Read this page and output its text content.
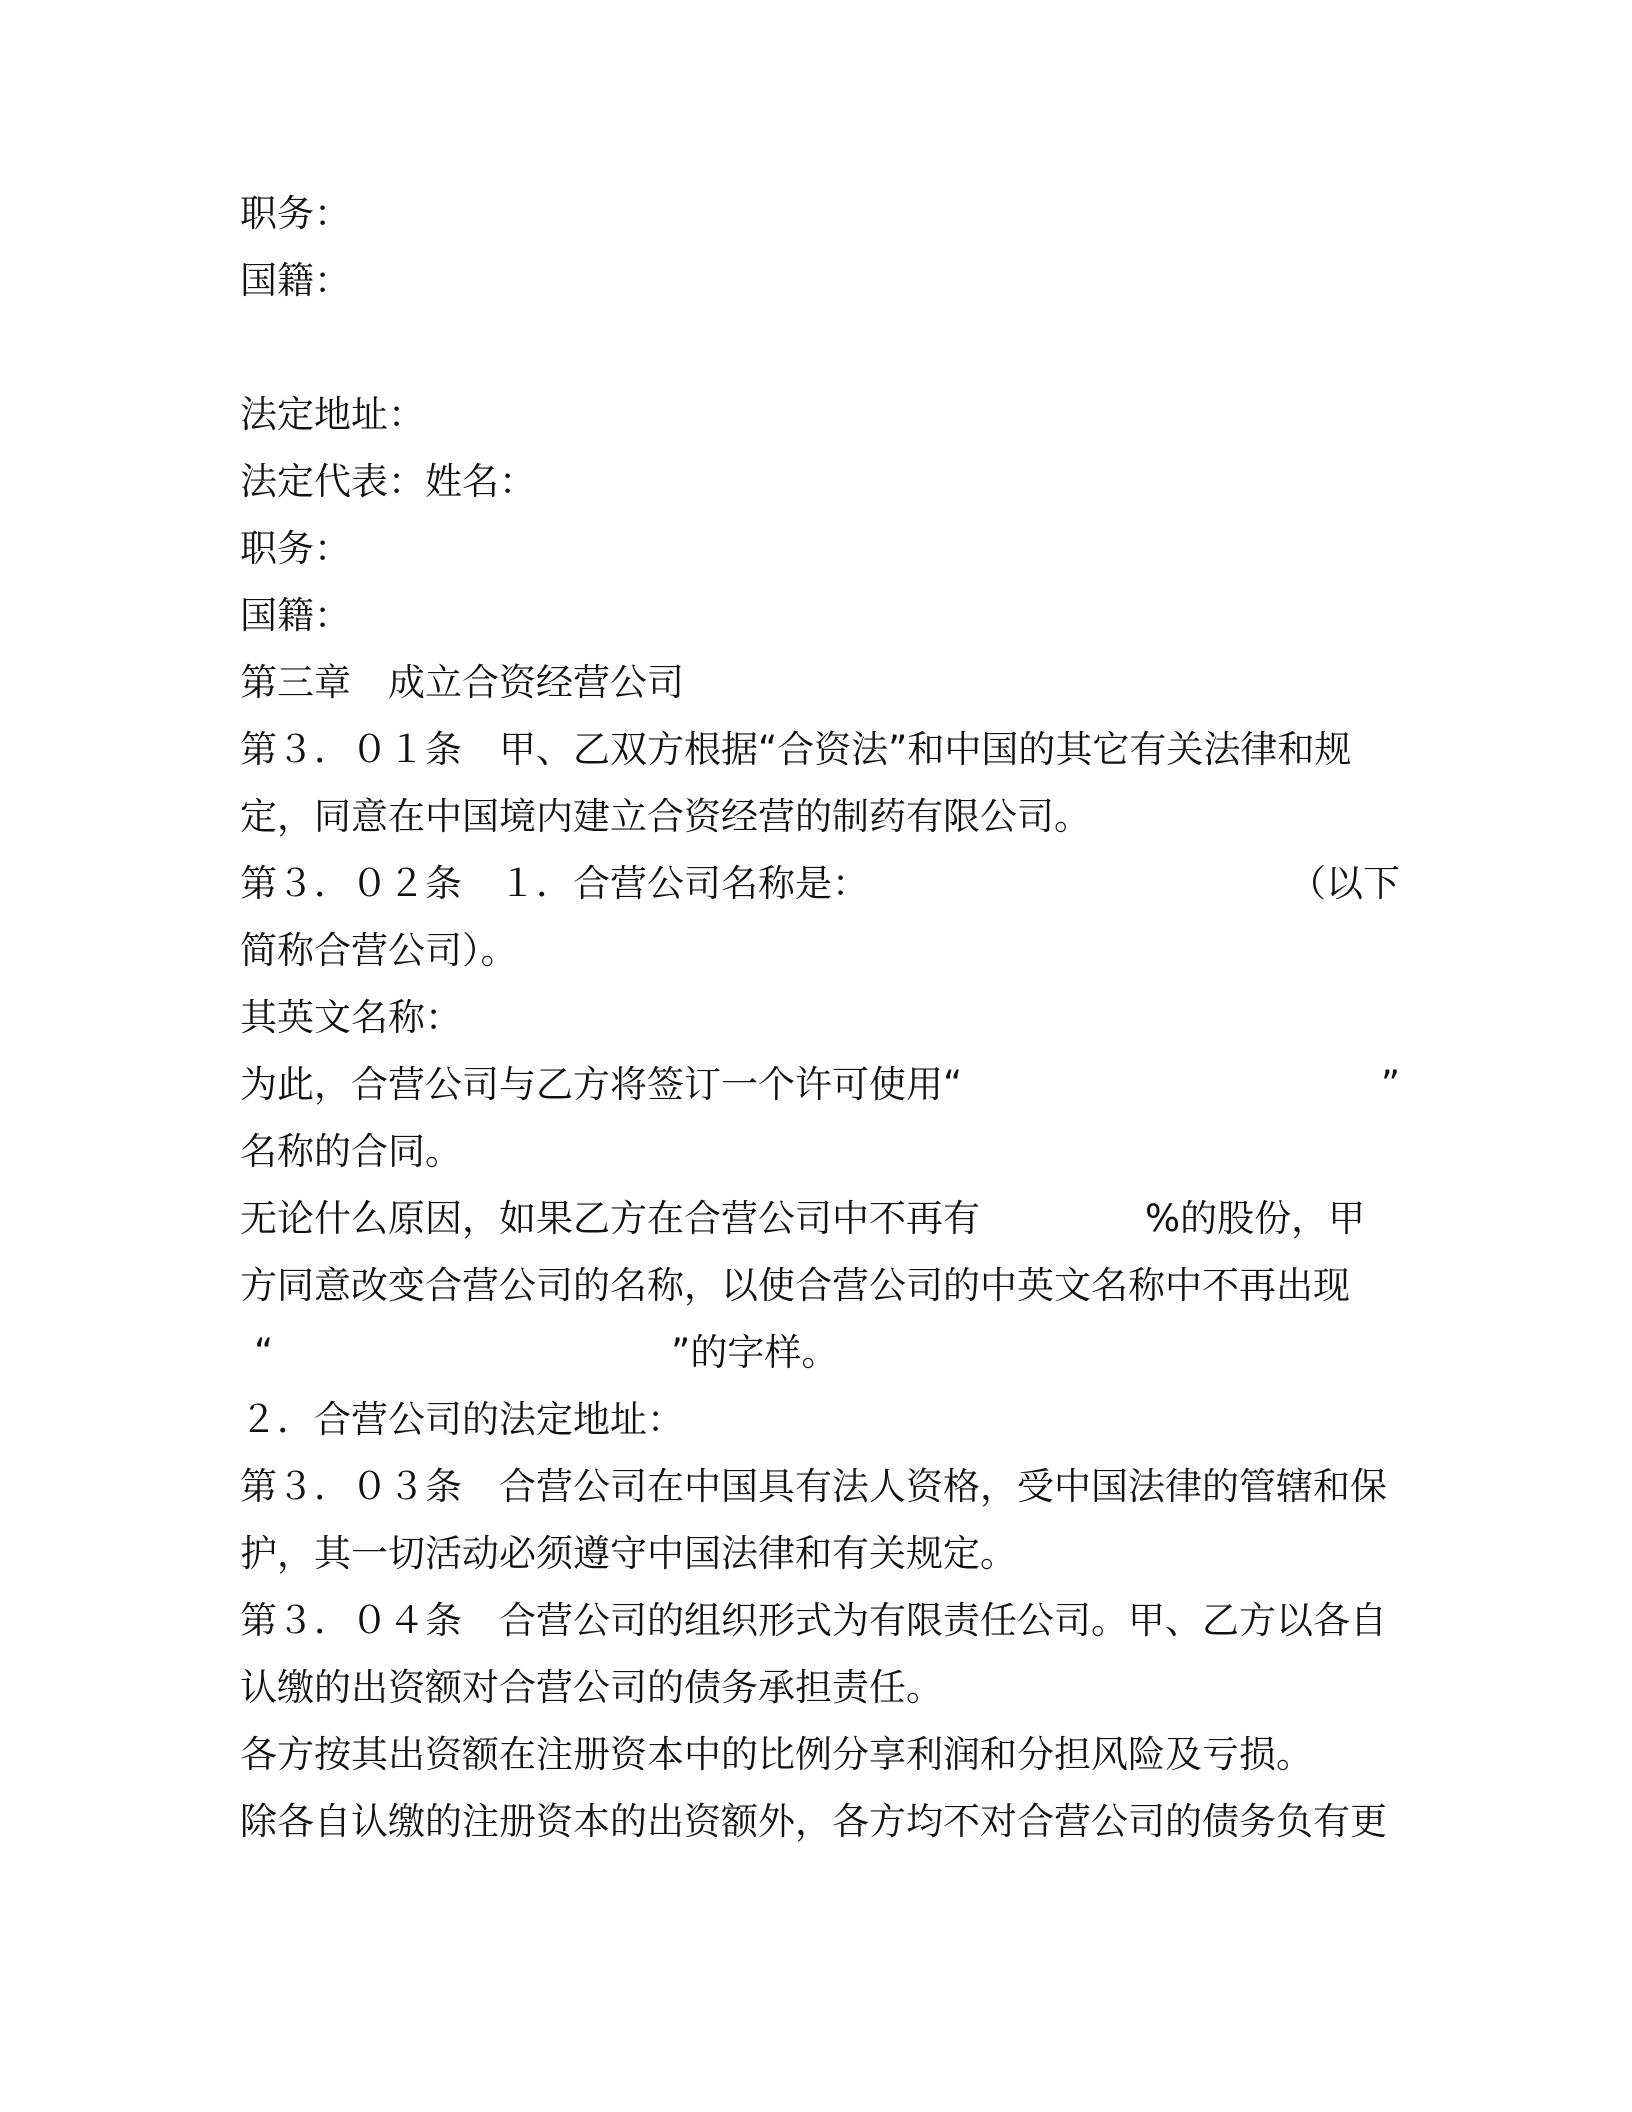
职务：
国籍：
法定地址：
法定代表：姓名：
职务：
国籍：
第三章　成立合资经营公司
第３．０１条　甲、乙双方根据“合资法”和中国的其它有关法律和规
定，同意在中国境内建立合资经营的制药有限公司。
第３．０２条　１．合营公司名称是：	（以下
简称合营公司）。
其英文名称：
为此，合营公司与乙方将签订一个许可使用“	”
名称的合同。
无论什么原因，如果乙方在合营公司中不再有	%的股份，甲
方同意改变合营公司的名称，以使合营公司的中英文名称中不再出现
“	”的字样。
２．合营公司的法定地址：
第３．０３条　合营公司在中国具有法人资格，受中国法律的管辖和保
护，其一切活动必须遵守中国法律和有关规定。
第３．０４条　合营公司的组织形式为有限责任公司。甲、乙方以各自
认缴的出资额对合营公司的债务承担责任。
各方按其出资额在注册资本中的比例分享利润和分担风险及亏损。
除各自认缴的注册资本的出资额外，各方均不对合营公司的债务负有更
